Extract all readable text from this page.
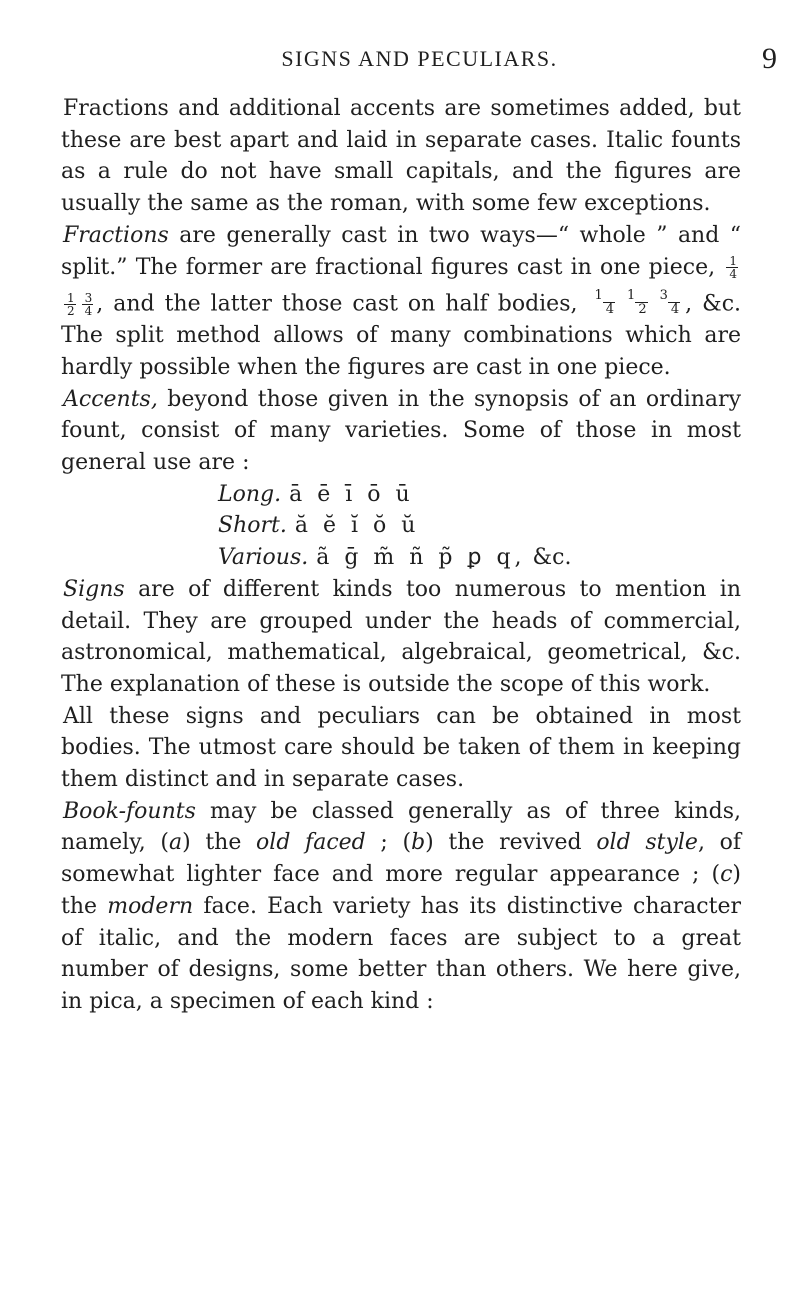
SIGNS AND PECULIARS.	9

Fractions and additional accents are sometimes added, but these are best apart and laid in separate cases. Italic founts as a rule do not have small capitals, and the figures are usually the same as the roman, with some few exceptions.

Fractions are generally cast in two ways—“ whole ” and “ split.” The former are fractional figures cast in one piece, $\frac{1}{4}$
$\frac{1}{2} \frac{3}{4}$ , and the latter those cast on half bodies, $^14^12^34$ , &c. The split method allows of many combinations which are hardly possible when the figures are cast in one piece.

Accents, beyond those given in the synopsis of an ordinary fount, consist of many varieties. Some of those in most general use are :

Long. ā ē ī ō ū
Short. ă ĕ ĭ ŏ ŭ
Various. ã ḡ m̃ ñ p̃ ꝑ q, &c.

Signs are of different kinds too numerous to mention in detail. They are grouped under the heads of commercial, astronomical, mathematical, algebraical, geometrical, &c. The explanation of these is outside the scope of this work.

All these signs and peculiars can be obtained in most bodies. The utmost care should be taken of them in keeping them distinct and in separate cases.

Book-founts may be classed generally as of three kinds, namely, (a) the old faced ; (b) the revived old style, of somewhat lighter face and more regular appearance ; (c) the modern face. Each variety has its distinctive character of italic, and the modern faces are subject to a great number of designs, some better than others. We here give, in pica, a specimen of each kind :
